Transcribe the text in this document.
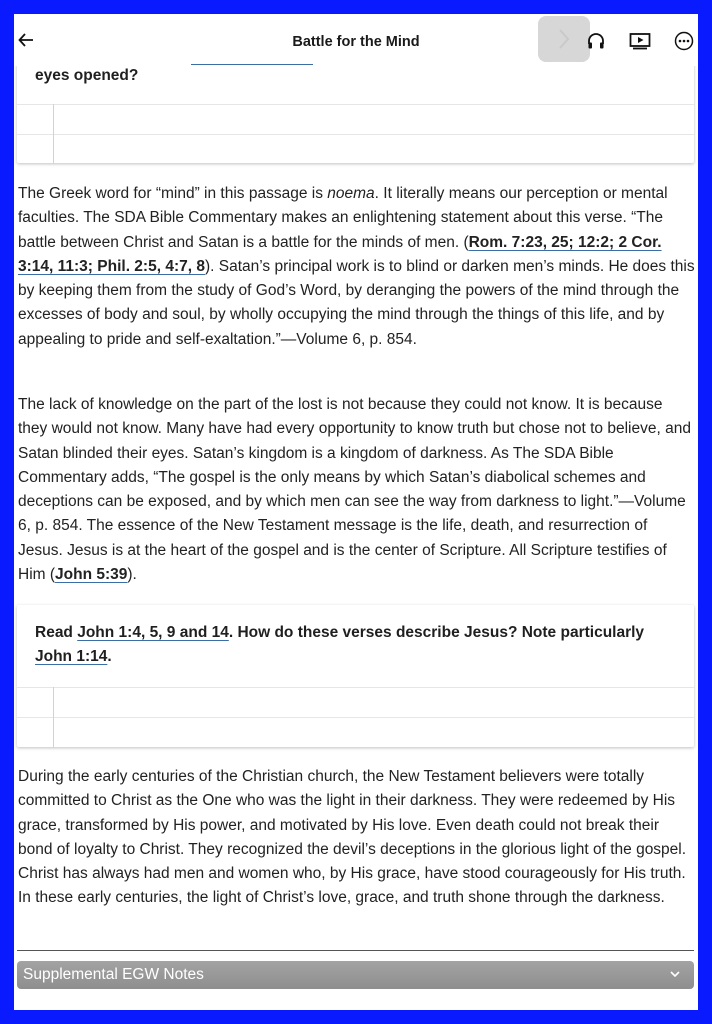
Battle for the Mind
eyes opened?
The Greek word for “mind” in this passage is noema. It literally means our perception or mental faculties. The SDA Bible Commentary makes an enlightening statement about this verse. “The battle between Christ and Satan is a battle for the minds of men. (Rom. 7:23, 25; 12:2; 2 Cor. 3:14, 11:3; Phil. 2:5, 4:7, 8). Satan’s principal work is to blind or darken men’s minds. He does this by keeping them from the study of God’s Word, by deranging the powers of the mind through the excesses of body and soul, by wholly occupying the mind through the things of this life, and by appealing to pride and self-exaltation.”—Volume 6, p. 854.
The lack of knowledge on the part of the lost is not because they could not know. It is because they would not know. Many have had every opportunity to know truth but chose not to believe, and Satan blinded their eyes. Satan’s kingdom is a kingdom of darkness. As The SDA Bible Commentary adds, “The gospel is the only means by which Satan’s diabolical schemes and deceptions can be exposed, and by which men can see the way from darkness to light.”—Volume 6, p. 854. The essence of the New Testament message is the life, death, and resurrection of Jesus. Jesus is at the heart of the gospel and is the center of Scripture. All Scripture testifies of Him (John 5:39).
Read John 1:4, 5, 9 and 14. How do these verses describe Jesus? Note particularly John 1:14.
During the early centuries of the Christian church, the New Testament believers were totally committed to Christ as the One who was the light in their darkness. They were redeemed by His grace, transformed by His power, and motivated by His love. Even death could not break their bond of loyalty to Christ. They recognized the devil’s deceptions in the glorious light of the gospel. Christ has always had men and women who, by His grace, have stood courageously for His truth. In these early centuries, the light of Christ’s love, grace, and truth shone through the darkness.
Supplemental EGW Notes
